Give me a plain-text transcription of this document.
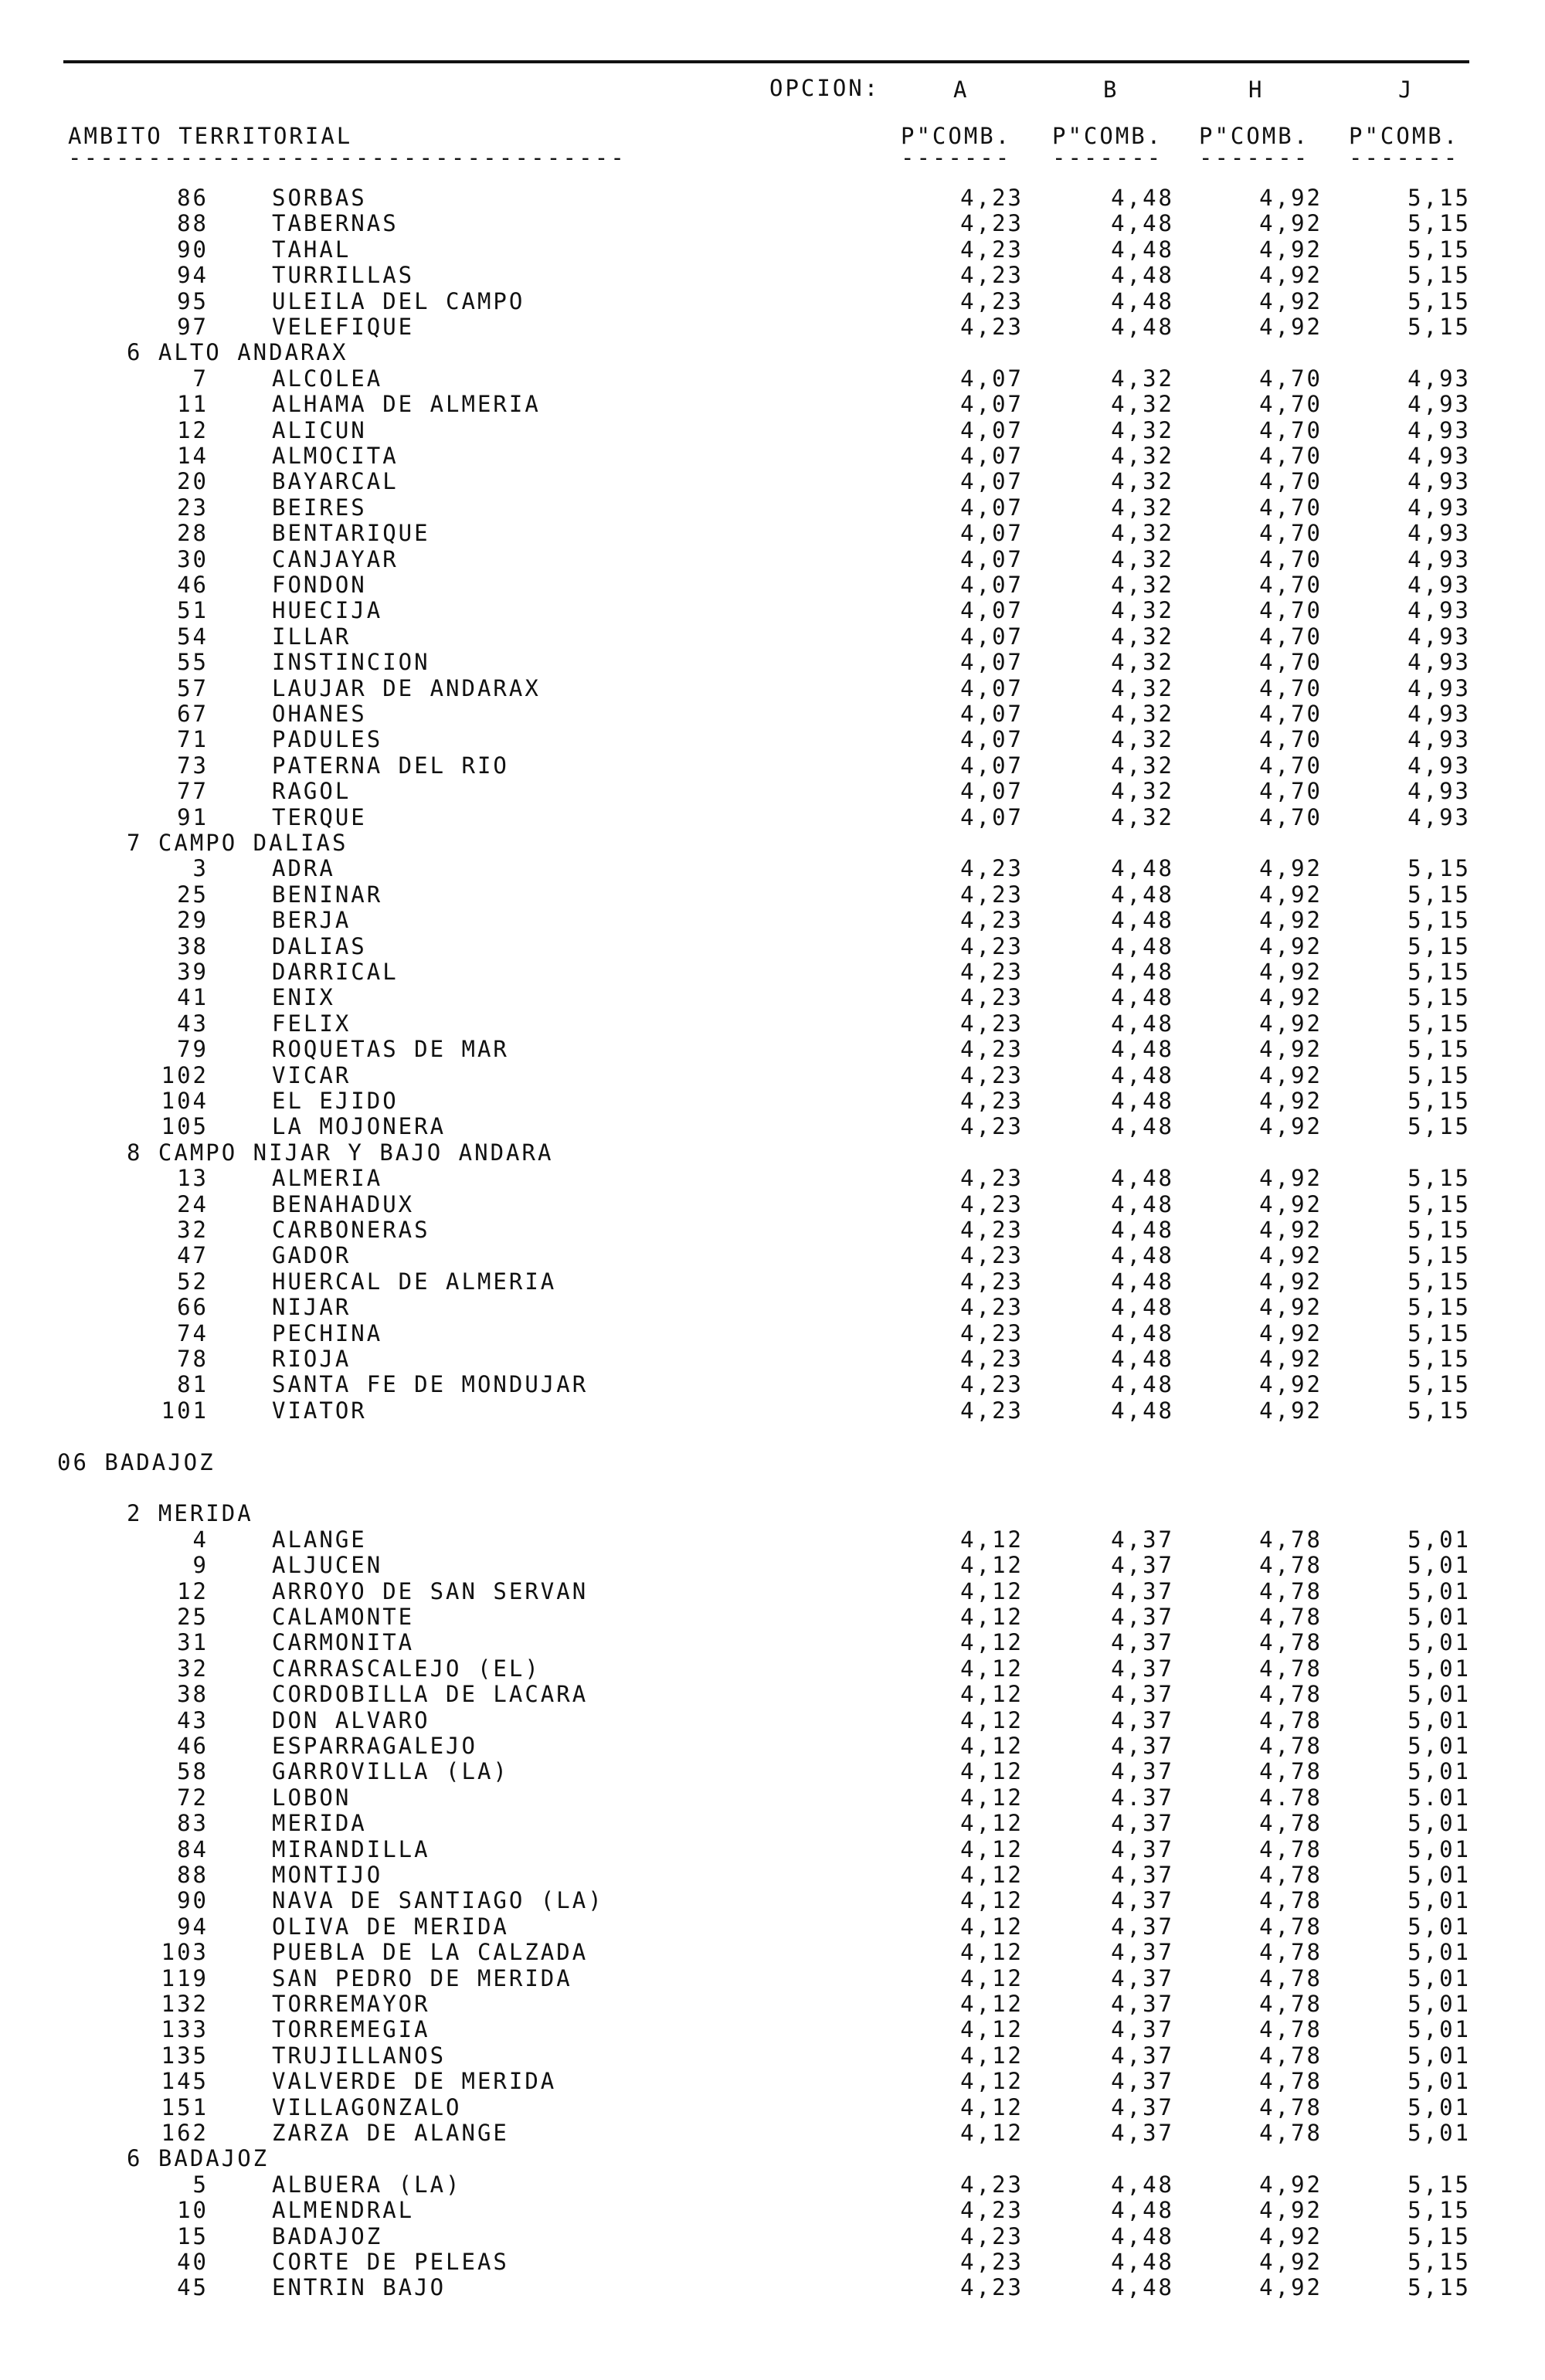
OPCION:	A	B	H	J
AMBITO TERRITORIAL
-----------------------------------
P"COMB. P"COMB. P"COMB. P"COMB.
------- ------- ------- -------
86	SORBAS	4,23	4,48	4,92	5,15
88	TABERNAS	4,23	4,48	4,92	5,15
90	TAHAL	4,23	4,48	4,92	5,15
94	TURRILLAS	4,23	4,48	4,92	5,15
95	ULEILA DEL CAMPO	4,23	4,48	4,92	5,15
97	VELEFIQUE	4,23	4,48	4,92	5,15
6 ALTO ANDARAX
7	ALCOLEA	4,07	4,32	4,70	4,93
11	ALHAMA DE ALMERIA	4,07	4,32	4,70	4,93
12	ALICUN	4,07	4,32	4,70	4,93
14	ALMOCITA	4,07	4,32	4,70	4,93
20	BAYARCAL	4,07	4,32	4,70	4,93
23	BEIRES	4,07	4,32	4,70	4,93
28	BENTARIQUE	4,07	4,32	4,70	4,93
30	CANJAYAR	4,07	4,32	4,70	4,93
46	FONDON	4,07	4,32	4,70	4,93
51	HUECIJA	4,07	4,32	4,70	4,93
54	ILLAR	4,07	4,32	4,70	4,93
55	INSTINCION	4,07	4,32	4,70	4,93
57	LAUJAR DE ANDARAX	4,07	4,32	4,70	4,93
67	OHANES	4,07	4,32	4,70	4,93
71	PADULES	4,07	4,32	4,70	4,93
73	PATERNA DEL RIO	4,07	4,32	4,70	4,93
77	RAGOL	4,07	4,32	4,70	4,93
91	TERQUE	4,07	4,32	4,70	4,93
7 CAMPO DALIAS
3	ADRA	4,23	4,48	4,92	5,15
25	BENINAR	4,23	4,48	4,92	5,15
29	BERJA	4,23	4,48	4,92	5,15
38	DALIAS	4,23	4,48	4,92	5,15
39	DARRICAL	4,23	4,48	4,92	5,15
41	ENIX	4,23	4,48	4,92	5,15
43	FELIX	4,23	4,48	4,92	5,15
79	ROQUETAS DE MAR	4,23	4,48	4,92	5,15
102	VICAR	4,23	4,48	4,92	5,15
104	EL EJIDO	4,23	4,48	4,92	5,15
105	LA MOJONERA	4,23	4,48	4,92	5,15
8 CAMPO NIJAR Y BAJO ANDARA
13	ALMERIA	4,23	4,48	4,92	5,15
24	BENAHADUX	4,23	4,48	4,92	5,15
32	CARBONERAS	4,23	4,48	4,92	5,15
47	GADOR	4,23	4,48	4,92	5,15
52	HUERCAL DE ALMERIA	4,23	4,48	4,92	5,15
66	NIJAR	4,23	4,48	4,92	5,15
74	PECHINA	4,23	4,48	4,92	5,15
78	RIOJA	4,23	4,48	4,92	5,15
81	SANTA FE DE MONDUJAR	4,23	4,48	4,92	5,15
101	VIATOR	4,23	4,48	4,92	5,15
06 BADAJOZ
2 MERIDA
4	ALANGE	4,12	4,37	4,78	5,01
9	ALJUCEN	4,12	4,37	4,78	5,01
12	ARROYO DE SAN SERVAN	4,12	4,37	4,78	5,01
25	CALAMONTE	4,12	4,37	4,78	5,01
31	CARMONITA	4,12	4,37	4,78	5,01
32	CARRASCALEJO (EL)	4,12	4,37	4,78	5,01
38	CORDOBILLA DE LACARA	4,12	4,37	4,78	5,01
43	DON ALVARO	4,12	4,37	4,78	5,01
46	ESPARRAGALEJO	4,12	4,37	4,78	5,01
58	GARROVILLA (LA)	4,12	4,37	4,78	5,01
72	LOBON	4,12	4.37	4.78	5.01
83	MERIDA	4,12	4,37	4,78	5,01
84	MIRANDILLA	4,12	4,37	4,78	5,01
88	MONTIJO	4,12	4,37	4,78	5,01
90	NAVA DE SANTIAGO (LA)	4,12	4,37	4,78	5,01
94	OLIVA DE MERIDA	4,12	4,37	4,78	5,01
103	PUEBLA DE LA CALZADA	4,12	4,37	4,78	5,01
119	SAN PEDRO DE MERIDA	4,12	4,37	4,78	5,01
132	TORREMAYOR	4,12	4,37	4,78	5,01
133	TORREMEGIA	4,12	4,37	4,78	5,01
135	TRUJILLANOS	4,12	4,37	4,78	5,01
145	VALVERDE DE MERIDA	4,12	4,37	4,78	5,01
151	VILLAGONZALO	4,12	4,37	4,78	5,01
162	ZARZA DE ALANGE	4,12	4,37	4,78	5,01
6 BADAJOZ
5	ALBUERA (LA)	4,23	4,48	4,92	5,15
10	ALMENDRAL	4,23	4,48	4,92	5,15
15	BADAJOZ	4,23	4,48	4,92	5,15
40	CORTE DE PELEAS	4,23	4,48	4,92	5,15
45	ENTRIN BAJO	4,23	4,48	4,92	5,15
